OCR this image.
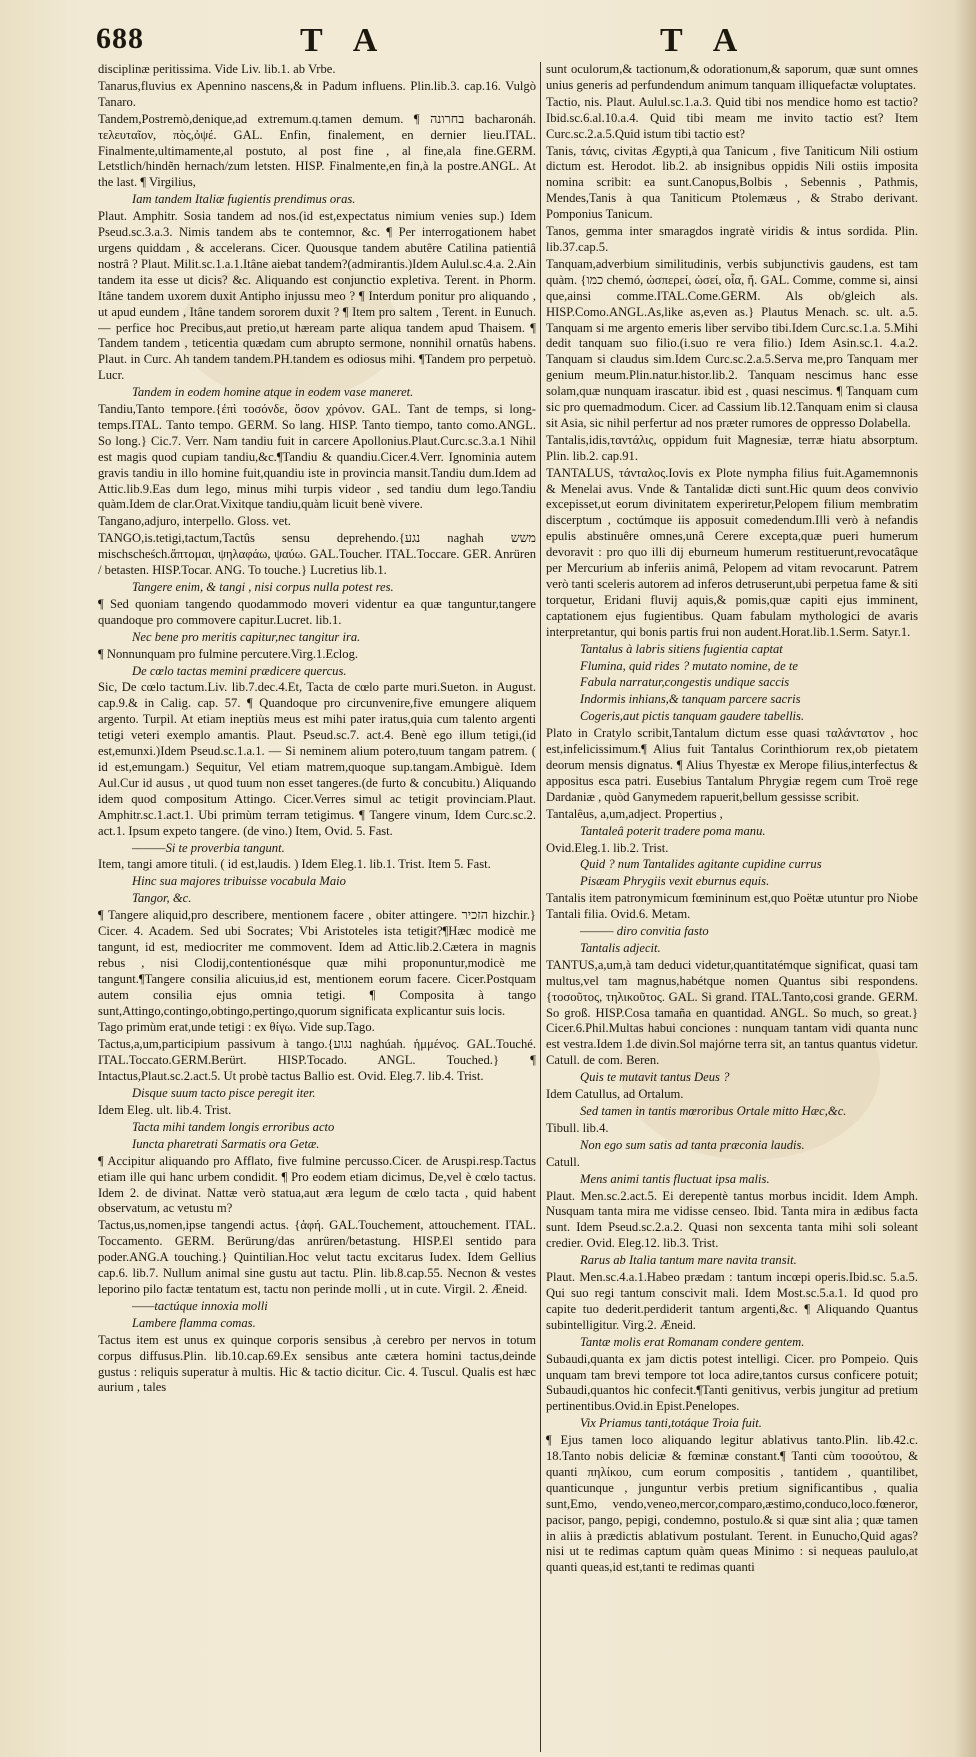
688	T A	T A

disciplinæ peritissima. Vide Liv. lib.1. ab Vrbe.

Tanarus,fluvius ex Apennino nascens,& in Padum influens. Plin.lib.3. cap.16. Vulgò Tanaro.

Tandem,Postremò,denique,ad extremum.q.tamen demum. ¶ בחרונה bacharonáh. τελευταῖον, πὸς,ὀψέ. GAL. Enfin, finalement, en dernier lieu.ITAL. Finalmente,ultimamente,al postuto, al post fine , al fine,ala fine.GERM. Letstlich/hindẽn hernach/zum letsten. HISP. Finalmente,en fin,à la postre.ANGL. At the last. ¶ Virgilius,

Iam tandem Italiæ fugientis prendimus oras.

Plaut. Amphitr. Sosia tandem ad nos.(id est,expectatus nimium venies sup.) Idem Pseud.sc.3.a.3. Nimis tandem abs te contemnor, &c. ¶ Per interrogationem habet urgens quiddam , & accelerans. Cicer. Quousque tandem abutêre Catilina patientiâ nostrâ ? Plaut. Milit.sc.1.a.1.Itâne aiebat tandem?(admirantis.)Idem Aulul.sc.4.a. 2.Ain tandem ita esse ut dicis? &c. Aliquando est conjunctio expletiva. Terent. in Phorm. Itâne tandem uxorem duxit Antipho injussu meo ? ¶ Interdum ponitur pro aliquando , ut apud eundem , Itâne tandem sororem duxit ? ¶ Item pro saltem , Terent. in Eunuch. — perfice hoc Precibus,aut pretio,ut hæream parte aliqua tandem apud Thaisem. ¶ Tandem tandem , teticentia quædam cum abrupto sermone, nonnihil ornatûs habens. Plaut. in Curc. Ah tandem tandem.PH.tandem es odiosus mihi. ¶Tandem pro perpetuò. Lucr.

Tandem in eodem homine atque in eodem vase maneret.

Tandiu,Tanto tempore.{ἐπὶ τοσόνδε, ὅσον χρόνον. GAL. Tant de temps, si long-temps.ITAL. Tanto tempo. GERM. So lang. HISP. Tanto tiempo, tanto como.ANGL. So long.} Cic.7. Verr. Nam tandiu fuit in carcere Apollonius.Plaut.Curc.sc.3.a.1 Nihil est magis quod cupiam tandiu,&c.¶Tandiu & quandiu.Cicer.4.Verr. Ignominia autem gravis tandiu in illo homine fuit,quandiu iste in provincia mansit.Tandiu dum.Idem ad Attic.lib.9.Eas dum lego, minus mihi turpis videor , sed tandiu dum lego.Tandiu quàm.Idem de clar.Orat.Vixitque tandiu,quàm licuit benè vivere.

Tangano,adjuro, interpello. Gloss. vet.

TANGO,is.tetigi,tactum,Tactûs sensu deprehendo.{נגע naghah משש mischscheśch.ἅπτομαι, ψηλαφάω, ψαύω. GAL.Toucher. ITAL.Toccare. GER. Anrüren / betasten. HISP.Tocar. ANG. To touche.} Lucretius lib.1.

Tangere enim, & tangi , nisi corpus nulla potest res.

¶ Sed quoniam tangendo quodammodo moveri videntur ea quæ tanguntur,tangere quandoque pro commovere capitur.Lucret. lib.1.

Nec bene pro meritis capitur,nec tangitur ira.

¶ Nonnunquam pro fulmine percutere.Virg.1.Eclog.

De cœlo tactas memini prædicere quercus.

Sic, De cœlo tactum.Liv. lib.7.dec.4.Et, Tacta de cœlo parte muri.Sueton. in August. cap.9.& in Calig. cap. 57. ¶ Quandoque pro circunvenire,five emungere aliquem argento. Turpil. At etiam ineptiùs meus est mihi pater iratus,quia cum talento argenti tetigi veteri exemplo amantis. Plaut. Pseud.sc.7. act.4. Benè ego illum tetigi,(id est,emunxi.)Idem Pseud.sc.1.a.1. — Si neminem alium potero,tuum tangam patrem. ( id est,emungam.) Sequitur, Vel etiam matrem,quoque sup.tangam.Ambiguè. Idem Aul.Cur id ausus , ut quod tuum non esset tangeres.(de furto & concubitu.) Aliquando idem quod compositum Attingo. Cicer.Verres simul ac tetigit provinciam.Plaut. Amphitr.sc.1.act.1. Ubi primùm terram tetigimus. ¶ Tangere vinum, Idem Curc.sc.2. act.1. Ipsum expeto tangere. (de vino.) Item, Ovid. 5. Fast.

———Si te proverbia tangunt.

Item, tangi amore tituli. ( id est,laudis. ) Idem Eleg.1. lib.1. Trist. Item 5. Fast.

Hinc sua majores tribuisse vocabula Maio

Tangor, &c.

¶ Tangere aliquid,pro describere, mentionem facere , obiter attingere. הזכיר hizchir.} Cicer. 4. Academ. Sed ubi Socrates; Vbi Aristoteles ista tetigit?¶Hæc modicè me tangunt, id est, mediocriter me commovent. Idem ad Attic.lib.2.Cætera in magnis rebus , nisi Clodij,contentionésque quæ mihi proponuntur,modicè me tangunt.¶Tangere consilia alicuius,id est, mentionem eorum facere. Cicer.Postquam autem consilia ejus omnia tetigi. ¶ Composita à tango sunt,Attingo,contingo,obtingo,pertingo,quorum significata explicantur suis locis.

Tago primùm erat,unde tetigi : ex θίγω. Vide sup.Tago.

Tactus,a,um,participium passivum à tango.{נגוע naghúah. ἡμμένος. GAL.Touché. ITAL.Toccato.GERM.Berürt. HISP.Tocado. ANGL. Touched.} ¶ Intactus,Plaut.sc.2.act.5. Ut probè tactus Ballio est. Ovid. Eleg.7. lib.4. Trist.

Disque suum tacto pisce peregit iter.

Idem Eleg. ult. lib.4. Trist.

Tacta mihi tandem longis erroribus acto

Iuncta pharetrati Sarmatis ora Getæ.

¶ Accipitur aliquando pro Afflato, five fulmine percusso.Cicer. de Aruspi.resp.Tactus etiam ille qui hanc urbem condidit. ¶ Pro eodem etiam dicimus, De,vel è cœlo tactus. Idem 2. de divinat. Nattæ verò statua,aut æra legum de cœlo tacta , quid habent observatum, ac vetustu m?

Tactus,us,nomen,ipse tangendi actus. {ἁφή. GAL.Touchement, attouchement. ITAL. Toccamento. GERM. Berürung/das anrüren/betastung. HISP.El sentido para poder.ANG.A touching.} Quintilian.Hoc velut tactu excitarus Iudex. Idem Gellius cap.6. lib.7. Nullum animal sine gustu aut tactu. Plin. lib.8.cap.55. Necnon & vestes leporino pilo factæ tentatum est, tactu non perinde molli , ut in cute. Virgil. 2. Æneid.

——tactúque innoxia molli

Lambere flamma comas.

Tactus item est unus ex quinque corporis sensibus ,à cerebro per nervos in totum corpus diffusus.Plin. lib.10.cap.69.Ex sensibus ante cætera homini tactus,deinde gustus : reliquis superatur à multis. Hic & tactio dicitur. Cic. 4. Tuscul. Qualis est hæc aurium , tales

sunt oculorum,& tactionum,& odorationum,& saporum, quæ sunt omnes unius generis ad perfundendum animum tanquam illiquefactæ voluptates.

Tactio, nis. Plaut. Aulul.sc.1.a.3. Quid tibi nos mendice homo est tactio? Ibid.sc.6.al.10.a.4. Quid tibi meam me invito tactio est? Item Curc.sc.2.a.5.Quid istum tibi tactio est?

Tanis, τάνις, civitas Ægypti,à qua Tanicum , five Taniticum Nili ostium dictum est. Herodot. lib.2. ab insignibus oppidis Nili ostiis imposita nomina scribit: ea sunt.Canopus,Bolbis , Sebennis , Pathmis, Mendes,Tanis à qua Taniticum Ptolemæus , & Strabo derivant. Pomponius Tanicum.

Tanos, gemma inter smaragdos ingratè viridis & intus sordida. Plin. lib.37.cap.5.

Tanquam,adverbium similitudinis, verbis subjunctivis gaudens, est tam quàm. {כמו chemó, ὡσπερεί, ὡσεί, οἷα, ἤ. GAL. Comme, comme si, ainsi que,ainsi comme.ITAL.Come.GERM. Als ob/gleich als. HISP.Como.ANGL.As,like as,even as.} Plautus Menach. sc. ult. a.5. Tanquam si me argento emeris liber servibo tibi.Idem Curc.sc.1.a. 5.Mihi dedit tanquam suo filio.(i.suo re vera filio.) Idem Asin.sc.1. 4.a.2. Tanquam si claudus sim.Idem Curc.sc.2.a.5.Serva me,pro Tanquam mer genium meum.Plin.natur.histor.lib.2. Tanquam nescimus hanc esse solam,quæ nunquam irascatur. ibid est , quasi nescimus. ¶ Tanquam cum sic pro quemadmodum. Cicer. ad Cassium lib.12.Tanquam enim si clausa sit Asia, sic nihil perfertur ad nos præter rumores de oppresso Dolabella.

Tantalis,idis,ταντάλις, oppidum fuit Magnesiæ, terræ hiatu absorptum. Plin. lib.2. cap.91.

TANTALUS, τάνταλος.Iovis ex Plote nympha filius fuit.Agamemnonis & Menelai avus. Vnde & Tantalidæ dicti sunt.Hic quum deos convivio excepisset,ut eorum divinitatem experiretur,Pelopem filium membratim discerptum , coctúmque iis apposuit comedendum.Illi verò à nefandis epulis abstinuêre omnes,unâ Cerere excepta,quæ pueri humerum devoravit : pro quo illi dij eburneum humerum restituerunt,revocatâque per Mercurium ab inferiis animâ, Pelopem ad vitam revocarunt. Patrem verò tanti sceleris autorem ad inferos detruserunt,ubi perpetua fame & siti torquetur, Eridani fluvij aquis,& pomis,quæ capiti ejus imminent, captationem ejus fugientibus. Quam fabulam mythologici de avaris interpretantur, qui bonis partis frui non audent.Horat.lib.1.Serm. Satyr.1.

Tantalus à labris sitiens fugientia captat

Flumina, quid rides ? mutato nomine, de te

Fabula narratur,congestis undique saccis

Indormis inhians,& tanquam parcere sacris

Cogeris,aut pictis tanquam gaudere tabellis.

Plato in Cratylo scribit,Tantalum dictum esse quasi ταλάντατον , hoc est,infelicissimum.¶ Alius fuit Tantalus Corinthiorum rex,ob pietatem deorum mensis dignatus. ¶ Alius Thyestæ ex Merope filius,interfectus & appositus esca patri. Eusebius Tantalum Phrygiæ regem cum Troë rege Dardaniæ , quòd Ganymedem rapuerit,bellum gessisse scribit.

Tantalêus, a,um,adject. Propertius ,

Tantaleâ poterit tradere poma manu.

Ovid.Eleg.1. lib.2. Trist.

Quid ? num Tantalides agitante cupidine currus

Pisæam Phrygiis vexit eburnus equis.

Tantalis item patronymicum fœmininum est,quo Poëtæ utuntur pro Niobe Tantali filia. Ovid.6. Metam.

——— diro convitia fasto

Tantalis adjecit.

TANTUS,a,um,à tam deduci videtur,quantitatémque significat, quasi tam multus,vel tam magnus,habétque nomen Quantus sibi respondens. {τοσοῦτος, τηλικοῦτος. GAL. Si grand. ITAL.Tanto,cosi grande. GERM. So groß. HISP.Cosa tamaña en quantidad. ANGL. So much, so great.} Cicer.6.Phil.Multas habui conciones : nunquam tantam vidi quanta nunc est vestra.Idem 1.de divin.Sol majórne terra sit, an tantus quantus videtur. Catull. de com. Beren.

Quis te mutavit tantus Deus ?

Idem Catullus, ad Ortalum.

Sed tamen in tantis mœroribus Ortale mitto Hæc,&c.

Tibull. lib.4.

Non ego sum satis ad tanta præconia laudis.

Catull.

Mens animi tantis fluctuat ipsa malis.

Plaut. Men.sc.2.act.5. Ei derepentè tantus morbus incidit. Idem Amph. Nusquam tanta mira me vidisse censeo. Ibid. Tanta mira in ædibus facta sunt. Idem Pseud.sc.2.a.2. Quasi non sexcenta tanta mihi soli soleant credier. Ovid. Eleg.12. lib.3. Trist.

Rarus ab Italia tantum mare navita transit.

Plaut. Men.sc.4.a.1.Habeo prædam : tantum incœpi operis.Ibid.sc. 5.a.5. Qui suo regi tantum conscivit mali. Idem Most.sc.5.a.1. Id quod pro capite tuo dederit.perdiderit tantum argenti,&c. ¶ Aliquando Quantus subintelligitur. Virg.2. Æneid.

Tantæ molis erat Romanam condere gentem.

Subaudi,quanta ex jam dictis potest intelligi. Cicer. pro Pompeio. Quis unquam tam brevi tempore tot loca adire,tantos cursus conficere potuit; Subaudi,quantos hic confecit.¶Tanti genitivus, verbis jungitur ad pretium pertinentibus.Ovid.in Epist.Penelopes.

Vix Priamus tanti,totáque Troia fuit.

¶ Ejus tamen loco aliquando legitur ablativus tanto.Plin. lib.42.c. 18.Tanto nobis deliciæ & fœminæ constant.¶ Tanti cùm τοσούτου, & quanti πηλίκου, cum eorum compositis , tantidem , quantilibet, quanticunque , junguntur verbis pretium significantibus , qualia sunt,Emo, vendo,veneo,mercor,comparo,æstimo,conduco,loco.fœneror, pacisor, pango, pepigi, condemno, postulo.& si quæ sint alia ; quæ tamen in aliis à prædictis ablativum postulant. Terent. in Eunucho,Quid agas? nisi ut te redimas captum quàm queas Minimo : si nequeas paululo,at quanti queas,id est,tanti te redimas quanti
